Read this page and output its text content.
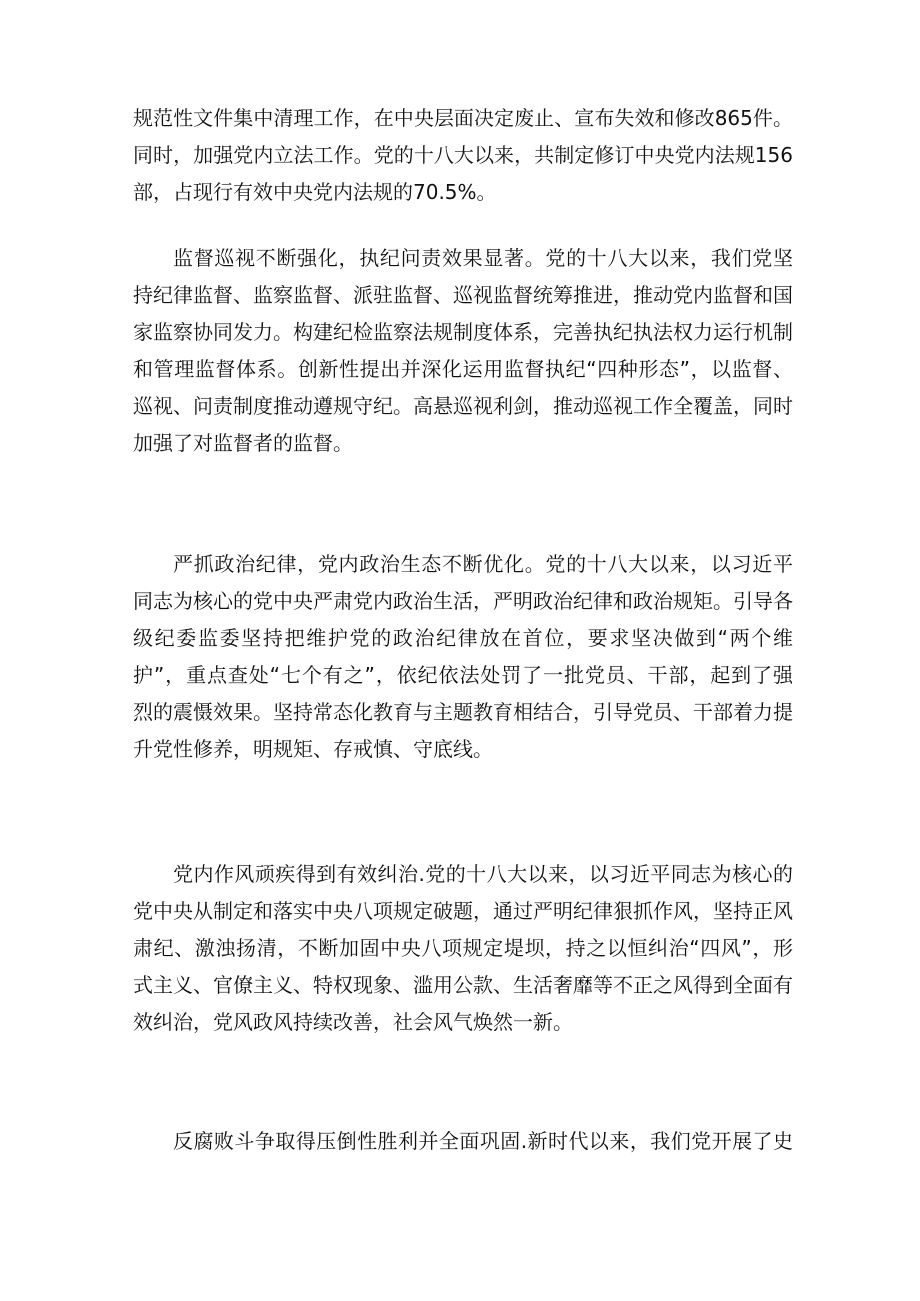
规范性文件集中清理工作，在中央层面决定废止、宣布失效和修改865件。
同时，加强党内立法工作。党的十八大以来，共制定修订中央党内法规156
部，占现行有效中央党内法规的70.5%。
监督巡视不断强化，执纪问责效果显著。党的十八大以来，我们党坚
持纪律监督、监察监督、派驻监督、巡视监督统筹推进，推动党内监督和国
家监察协同发力。构建纪检监察法规制度体系，完善执纪执法权力运行机制
和管理监督体系。创新性提出并深化运用监督执纪“四种形态”，以监督、
巡视、问责制度推动遵规守纪。高悬巡视利剑，推动巡视工作全覆盖，同时
加强了对监督者的监督。
严抓政治纪律，党内政治生态不断优化。党的十八大以来，以习近平
同志为核心的党中央严肃党内政治生活，严明政治纪律和政治规矩。引导各
级纪委监委坚持把维护党的政治纪律放在首位，要求坚决做到“两个维
护”，重点查处“七个有之”，依纪依法处罚了一批党员、干部，起到了强
烈的震慑效果。坚持常态化教育与主题教育相结合，引导党员、干部着力提
升党性修养，明规矩、存戒慎、守底线。
党内作风顽疾得到有效纠治.党的十八大以来，以习近平同志为核心的
党中央从制定和落实中央八项规定破题，通过严明纪律狠抓作风，坚持正风
肃纪、激浊扬清，不断加固中央八项规定堤坝，持之以恒纠治“四风”，形
式主义、官僚主义、特权现象、滥用公款、生活奢靡等不正之风得到全面有
效纠治，党风政风持续改善，社会风气焕然一新。
反腐败斗争取得压倒性胜利并全面巩固.新时代以来，我们党开展了史
